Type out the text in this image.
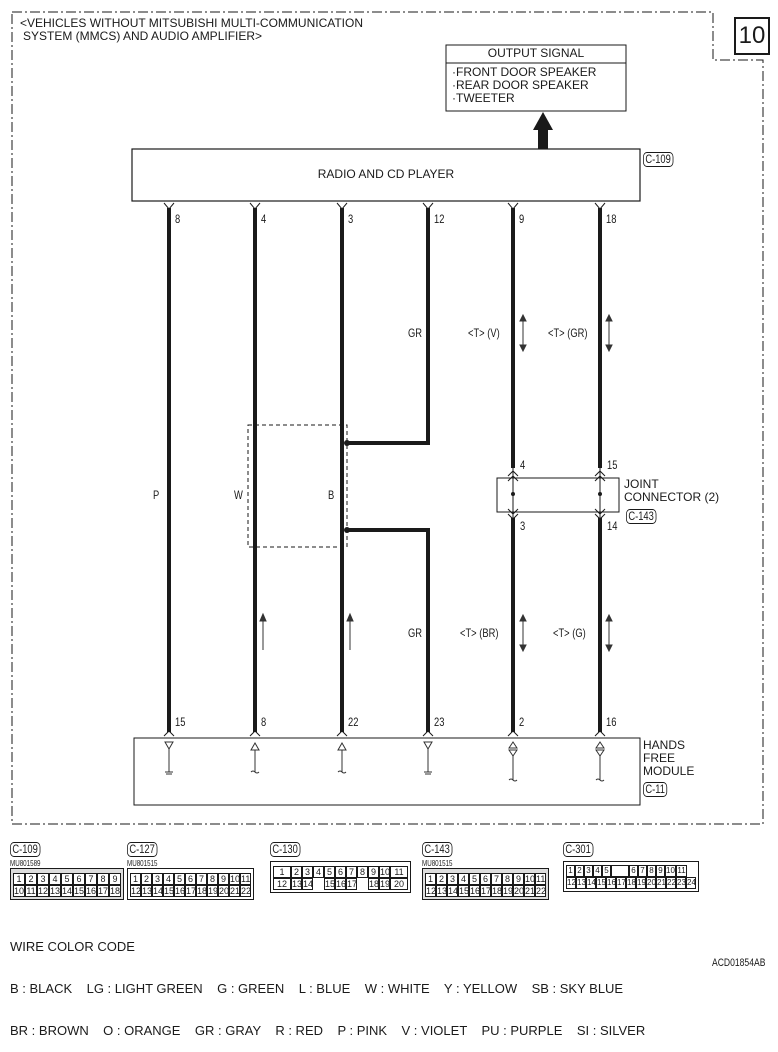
<VEHICLES WITHOUT MITSUBISHI MULTI-COMMUNICATION
SYSTEM (MMCS) AND AUDIO AMPLIFIER>	10
OUTPUT SIGNAL
·FRONT DOOR SPEAKER
·REAR DOOR SPEAKER
·TWEETER
RADIO AND CD PLAYER
C-109
8	4	3	12	9	18
GR	<T> (V)	<T> (GR)
P	W	B
GR	<T> (BR)	<T> (G)
4	15
3	14
JOINT
CONNECTOR (2)
C-143
15	8	22	23	2	16
HANDS
FREE
MODULE
C-11
C-109
MU801589
1 2 3 4 5 6 7 8 9
10 11 12 13 14 15 16 17 18
C-127
MU801515
1 2 3 4 5 6 7 8 9 10 11
12 13 14 15 16 17 18 19 20 21 22
C-130
1	2 3 4 5 6 7 8 9 10 11
12 13 14 15 16 17 18 19 20
C-143
MU801515
1 2 3 4 5 6 7 8 9 10 11
12 13 14 15 16 17 18 19 20 21 22
C-301
1 2 3 4 5	6 7 8 9 10 11
12 13 14 15 16 17 18 19 20 21 22 23 24

WIRE COLOR CODE

B : BLACK    LG : LIGHT GREEN    G : GREEN    L : BLUE    W : WHITE    Y : YELLOW    SB : SKY BLUE

BR : BROWN    O : ORANGE    GR : GRAY    R : RED    P : PINK    V : VIOLET    PU : PURPLE    SI : SILVER

ACD01854AB
